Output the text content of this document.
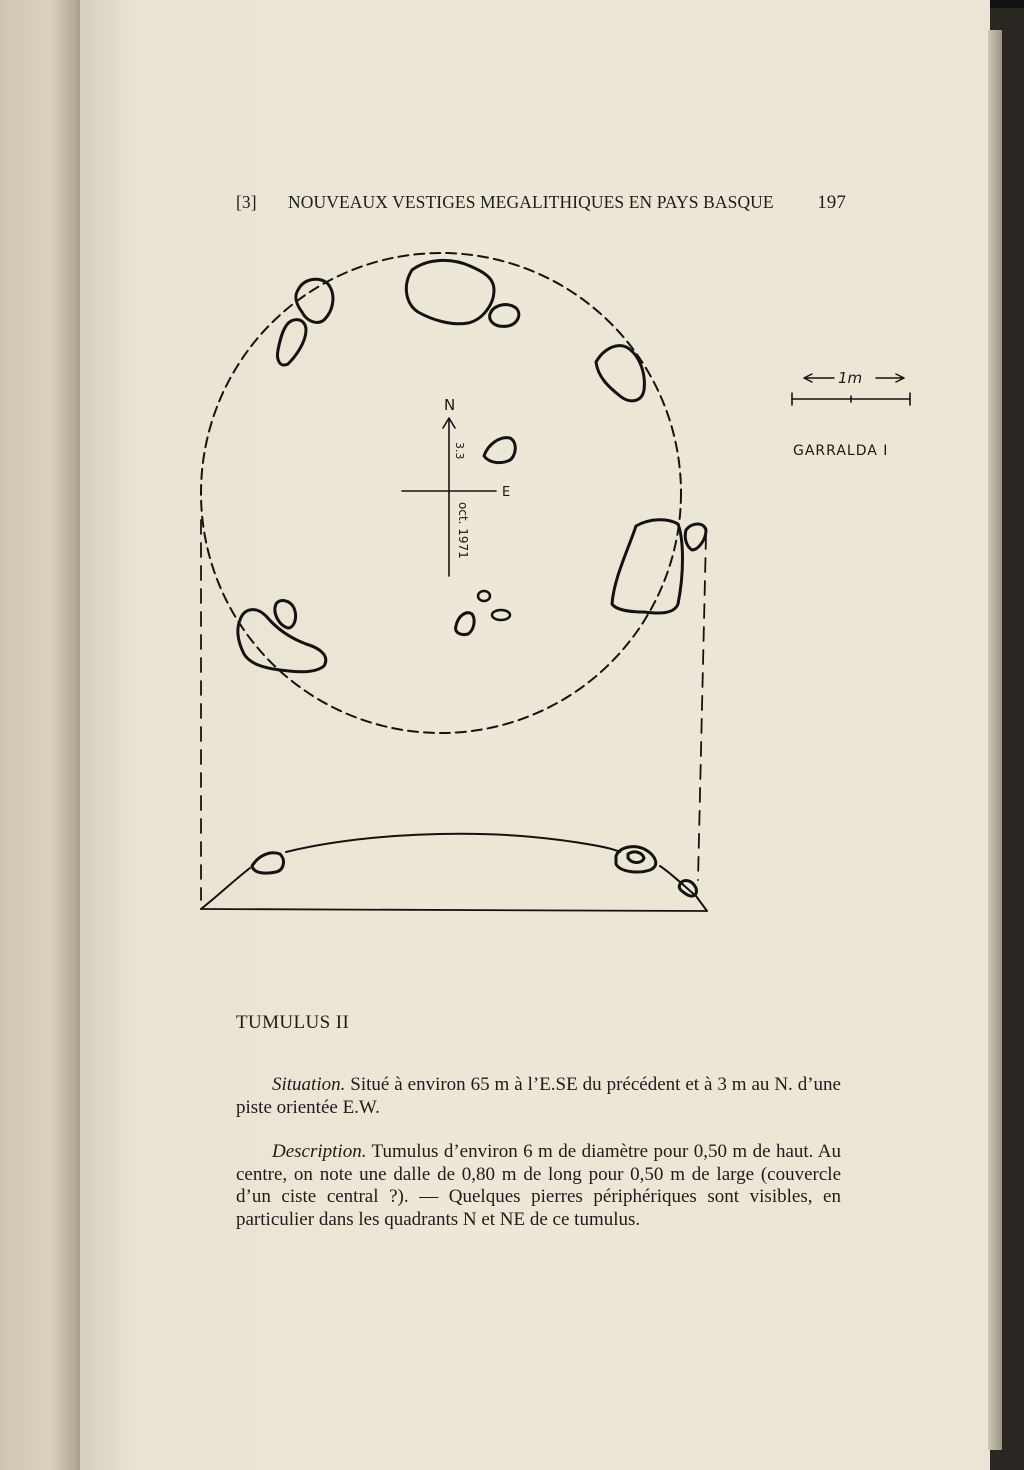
[3] NOUVEAUX VESTIGES MEGALITHIQUES EN PAYS BASQUE 197
N
E
3.3
oct. 1971
1m
GARRALDA I
TUMULUS II

Situation. Situé à environ 65 m à l’E.SE du précédent et à 3 m au N. d’une piste orientée E.W.

Description. Tumulus d’environ 6 m de diamètre pour 0,50 m de haut. Au centre, on note une dalle de 0,80 m de long pour 0,50 m de large (couvercle d’un ciste central ?). — Quelques pierres périphériques sont visibles, en particulier dans les quadrants N et NE de ce tumulus.
